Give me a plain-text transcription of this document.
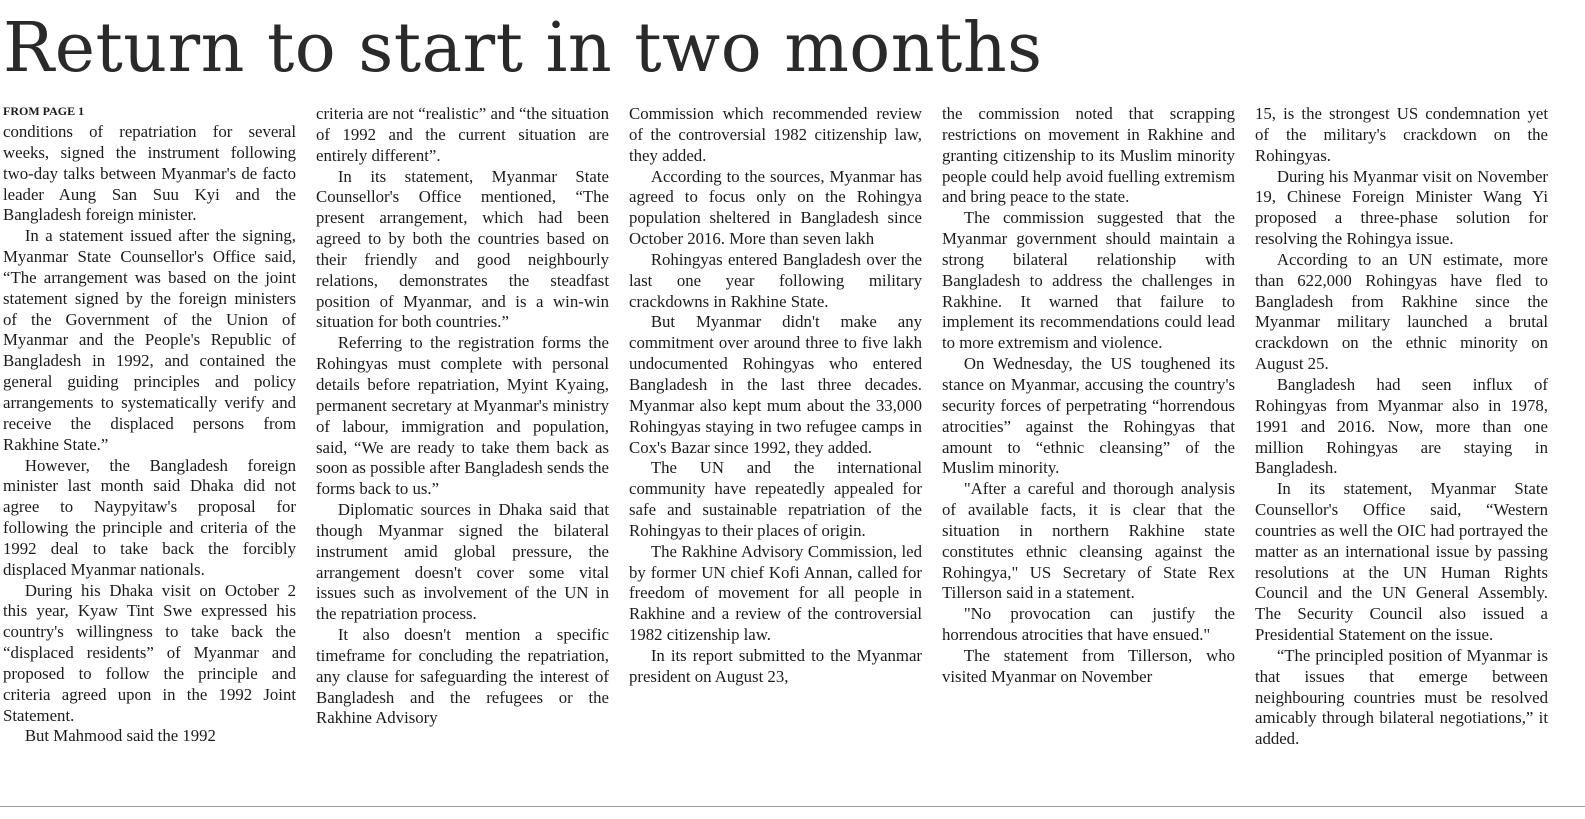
Return to start in two months
FROM PAGE 1

conditions of repatriation for several weeks, signed the instrument following two-day talks between Myanmar's de facto leader Aung San Suu Kyi and the Bangladesh foreign minister.

In a statement issued after the signing, Myanmar State Counsellor's Office said, “The arrangement was based on the joint statement signed by the foreign ministers of the Government of the Union of Myanmar and the People's Republic of Bangladesh in 1992, and contained the general guiding principles and policy arrangements to systematically verify and receive the displaced persons from Rakhine State.”

However, the Bangladesh foreign minister last month said Dhaka did not agree to Naypyitaw's proposal for following the principle and criteria of the 1992 deal to take back the forcibly displaced Myanmar nationals.

During his Dhaka visit on October 2 this year, Kyaw Tint Swe expressed his country's willingness to take back the “displaced residents” of Myanmar and proposed to follow the principle and criteria agreed upon in the 1992 Joint Statement.

But Mahmood said the 1992

criteria are not “realistic” and “the situation of 1992 and the current situation are entirely different”.

In its statement, Myanmar State Counsellor's Office mentioned, “The present arrangement, which had been agreed to by both the countries based on their friendly and good neighbourly relations, demonstrates the steadfast position of Myanmar, and is a win-win situation for both countries.”

Referring to the registration forms the Rohingyas must complete with personal details before repatriation, Myint Kyaing, permanent secretary at Myanmar's ministry of labour, immigration and population, said, “We are ready to take them back as soon as possible after Bangladesh sends the forms back to us.”

Diplomatic sources in Dhaka said that though Myanmar signed the bilateral instrument amid global pressure, the arrangement doesn't cover some vital issues such as involvement of the UN in the repatriation process.

It also doesn't mention a specific timeframe for concluding the repatriation, any clause for safeguarding the interest of Bangladesh and the refugees or the Rakhine Advisory

Commission which recommended review of the controversial 1982 citizenship law, they added.

According to the sources, Myanmar has agreed to focus only on the Rohingya population sheltered in Bangladesh since October 2016. More than seven lakh

Rohingyas entered Bangladesh over the last one year following military crackdowns in Rakhine State.

But Myanmar didn't make any commitment over around three to five lakh undocumented Rohingyas who entered Bangladesh in the last three decades. Myanmar also kept mum about the 33,000 Rohingyas staying in two refugee camps in Cox's Bazar since 1992, they added.

The UN and the international community have repeatedly appealed for safe and sustainable repatriation of the Rohingyas to their places of origin.

The Rakhine Advisory Commission, led by former UN chief Kofi Annan, called for freedom of movement for all people in Rakhine and a review of the controversial 1982 citizenship law.

In its report submitted to the Myanmar president on August 23,

the commission noted that scrapping restrictions on movement in Rakhine and granting citizenship to its Muslim minority people could help avoid fuelling extremism and bring peace to the state.

The commission suggested that the Myanmar government should maintain a strong bilateral relationship with Bangladesh to address the challenges in Rakhine. It warned that failure to implement its recommendations could lead to more extremism and violence.

On Wednesday, the US toughened its stance on Myanmar, accusing the country's security forces of perpetrating “horrendous atrocities” against the Rohingyas that amount to “ethnic cleansing” of the Muslim minority.

"After a careful and thorough analysis of available facts, it is clear that the situation in northern Rakhine state constitutes ethnic cleansing against the Rohingya," US Secretary of State Rex Tillerson said in a statement.

"No provocation can justify the horrendous atrocities that have ensued."

The statement from Tillerson, who visited Myanmar on November

15, is the strongest US condemnation yet of the military's crackdown on the Rohingyas.

During his Myanmar visit on November 19, Chinese Foreign Minister Wang Yi proposed a three-phase solution for resolving the Rohingya issue.

According to an UN estimate, more than 622,000 Rohingyas have fled to Bangladesh from Rakhine since the Myanmar military launched a brutal crackdown on the ethnic minority on August 25.

Bangladesh had seen influx of Rohingyas from Myanmar also in 1978, 1991 and 2016. Now, more than one million Rohingyas are staying in Bangladesh.

In its statement, Myanmar State Counsellor's Office said, “Western countries as well the OIC had portrayed the matter as an international issue by passing resolutions at the UN Human Rights Council and the UN General Assembly. The Security Council also issued a Presidential Statement on the issue.

“The principled position of Myanmar is that issues that emerge between neighbouring countries must be resolved amicably through bilateral negotiations,” it added.
